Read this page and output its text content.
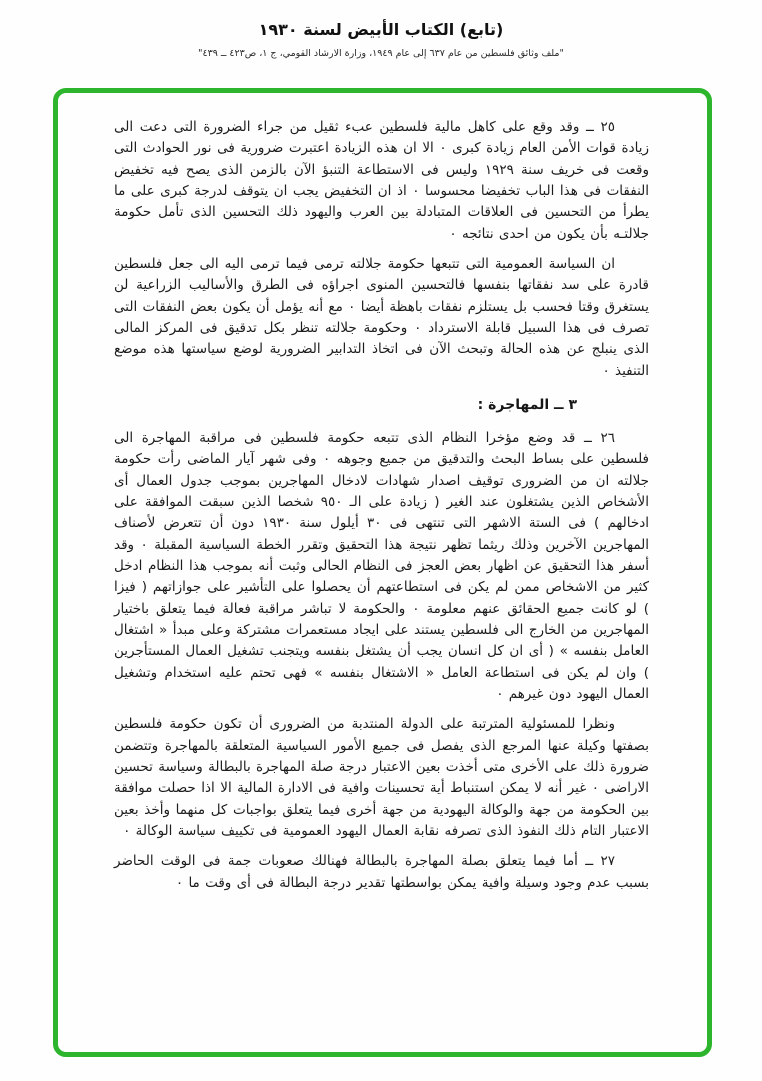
(تابع) الكتاب الأبيض لسنة ١٩٣٠
"ملف وثائق فلسطين من عام ٦٣٧ إلى عام ١٩٤٩، وزارة الارشاد القومي، ج ١، ص٤٢٣ ــ ٤٣٩"

٢٥ ــ وقد وقع على كاهل مالية فلسطين عبء ثقيل من جراء الضرورة التى دعت الى زيادة قوات الأمن العام زيادة كبرى ٠ الا ان هذه الزيادة اعتبرت ضرورية فى نور الحوادث التى وقعت فى خريف سنة ١٩٢٩ وليس فى الاستطاعة التنبؤ الآن بالزمن الذى يصح فيه تخفيض النفقات فى هذا الباب تخفيضا محسوسا ٠ اذ ان التخفيض يجب ان يتوقف لدرجة كبرى على ما يطرأ من التحسين فى العلاقات المتبادلة بين العرب واليهود ذلك التحسين الذى تأمل حكومة جلالتـه بأن يكون من احدى نتائجه ٠

ان السياسة العمومية التى تتبعها حكومة جلالته ترمى فيما ترمى اليه الى جعل فلسطين قادرة على سد نفقاتها بنفسها فالتحسين المنوى اجراؤه فى الطرق والأساليب الزراعية لن يستغرق وقتا فحسب بل يستلزم نفقات باهظة أيضا ٠ مع أنه يؤمل أن يكون بعض النفقات التى تصرف فى هذا السبيل قابلة الاسترداد ٠ وحكومة جلالته تنظر بكل تدقيق فى المركز المالى الذى ينبلج عن هذه الحالة وتبحث الآن فى اتخاذ التدابير الضرورية لوضع سياستها هذه موضع التنفيذ ٠

٣ ــ المهاجرة :

٢٦ ــ قد وضع مؤخرا النظام الذى تتبعه حكومة فلسطين فى مراقبة المهاجرة الى فلسطين على بساط البحث والتدقيق من جميع وجوهه ٠ وفى شهر آيار الماضى رأت حكومة جلالته ان من الضرورى توقيف اصدار شهادات لادخال المهاجرين بموجب جدول العمال أى الأشخاص الذين يشتغلون عند الغير ( زيادة على الـ ٩٥٠ شخصا الذين سبقت الموافقة على ادخالهم ) فى الستة الاشهر التى تنتهى فى ٣٠ أيلول سنة ١٩٣٠ دون أن تتعرض لأصناف المهاجرين الآخرين وذلك ريثما تظهر نتيجة هذا التحقيق وتقرر الخطة السياسية المقبلة ٠ وقد أسفر هذا التحقيق عن اظهار بعض العجز فى النظام الحالى وثبت أنه بموجب هذا النظام ادخل كثير من الاشخاص ممن لم يكن فى استطاعتهم أن يحصلوا على التأشير على جوازاتهم ( فيزا ) لو كانت جميع الحقائق عنهم معلومة ٠ والحكومة لا تباشر مراقبة فعالة فيما يتعلق باختيار المهاجرين من الخارج الى فلسطين يستند على ايجاد مستعمرات مشتركة وعلى مبدأ « اشتغال العامل بنفسه » ( أى ان كل انسان يجب أن يشتغل بنفسه ويتجنب تشغيل العمال المستأجرين ) وان لم يكن فى استطاعة العامل « الاشتغال بنفسه » فهى تحتم عليه استخدام وتشغيل العمال اليهود دون غيرهم ٠

ونظرا للمسئولية المترتبة على الدولة المنتدبة من الضرورى أن تكون حكومة فلسطين بصفتها وكيلة عنها المرجع الذى يفصل فى جميع الأمور السياسية المتعلقة بالمهاجرة وتتضمن ضرورة ذلك على الأخرى متى أخذت بعين الاعتبار درجة صلة المهاجرة بالبطالة وسياسة تحسين الاراضى ٠ غير أنه لا يمكن استنباط أية تحسينات وافية فى الادارة المالية الا اذا حصلت موافقة بين الحكومة من جهة والوكالة اليهودية من جهة أخرى فيما يتعلق بواجبات كل منهما وأخذ بعين الاعتبار التام ذلك النفوذ الذى تصرفه نقابة العمال اليهود العمومية فى تكييف سياسة الوكالة ٠

٢٧ ــ أما فيما يتعلق بصلة المهاجرة بالبطالة فهنالك صعوبات جمة فى الوقت الحاضر بسبب عدم وجود وسيلة وافية يمكن بواسطتها تقدير درجة البطالة فى أى وقت ما ٠
